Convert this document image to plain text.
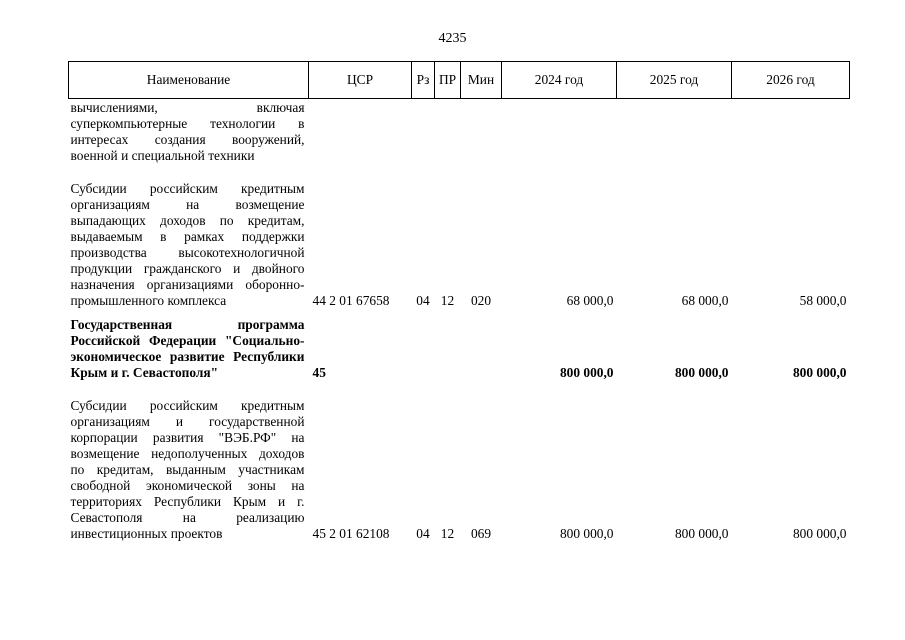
4235
Наименование	ЦСР	Рз	ПР	Мин	2024 год	2025 год	2026 год
вычислениями, включая суперкомпьютерные технологии в интересах создания вооружений, военной и специальной техники							
Субсидии российским кредитным организациям на возмещение выпадающих доходов по кредитам, выдаваемым в рамках поддержки производства высокотехнологичной продукции гражданского и двойного назначения организациями оборонно-промышленного комплекса	44 2 01 67658	04	12	020	68 000,0	68 000,0	58 000,0
Государственная программа Российской Федерации "Социально-экономическое развитие Республики Крым и г. Севастополя"	45				800 000,0	800 000,0	800 000,0
Субсидии российским кредитным организациям и государственной корпорации развития "ВЭБ.РФ" на возмещение недополученных доходов по кредитам, выданным участникам свободной экономической зоны на территориях Республики Крым и г. Севастополя на реализацию инвестиционных проектов	45 2 01 62108	04	12	069	800 000,0	800 000,0	800 000,0
